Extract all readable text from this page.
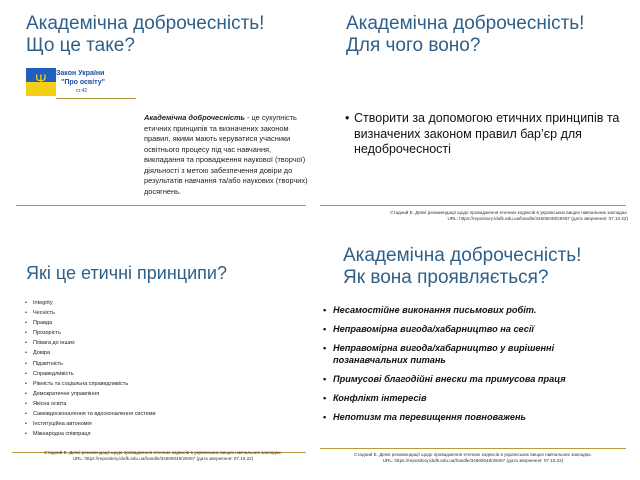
Академічна доброчесність!
Що це таке?
Ψ Закон України
"Про освіту"
ст.42
Академічна доброчесність - це сукупність етичних принципів та визначених законом правил, якими мають керуватися учасники освітнього процесу під час навчання, викладання та провадження наукової (творчої) діяльності з метою забезпечення довіри до результатів навчання та/або наукових (творчих) досягнень.
Академічна доброчесність!
Для чого воно?
• Створити за допомогою етичних принципів та визначених законом правил бар’єр для недоброчесності
Стадний Е. Деякі рекомендації щодо провадження етичних кодексів в українських вищих навчальних закладах.
URL: https://repository.ldufk.edu.ua/handle/34606048/29467 (дата звернення: 07.10.22)
Які це етичні принципи?
• Integrity
• Чесність
• Правда
• Прозорість
• Повага до інших
• Довіра
• Підзвітність
• Справедливість
• Рівність та соціальна справедливість
• Демократичне управління
• Якісна освіта
• Самовдосконалення та вдосконалення системи
• Інституційна автономія
• Міжнародна співпраця
Стадний Е. Деякі рекомендації щодо провадження етичних кодексів в українських вищих навчальних закладах.
URL: https://repository.ldufk.edu.ua/handle/34606048/29467 (дата звернення: 07.10.22)
Академічна доброчесність!
Як вона проявляється?
• Несамостійне виконання письмових робіт.
• Неправомірна вигода/хабарництво на сесії
• Неправомірна вигода/хабарництво у вирішенні позанавчальних питань
• Примусові благодійні внески та примусова праця
• Конфлікт інтересів
• Непотизм та перевищення повноважень
Стадний Е. Деякі рекомендації щодо провадження етичних кодексів в українських вищих навчальних закладах.
URL: https://repository.ldufk.edu.ua/handle/34606048/29467 (дата звернення: 07.10.22)
